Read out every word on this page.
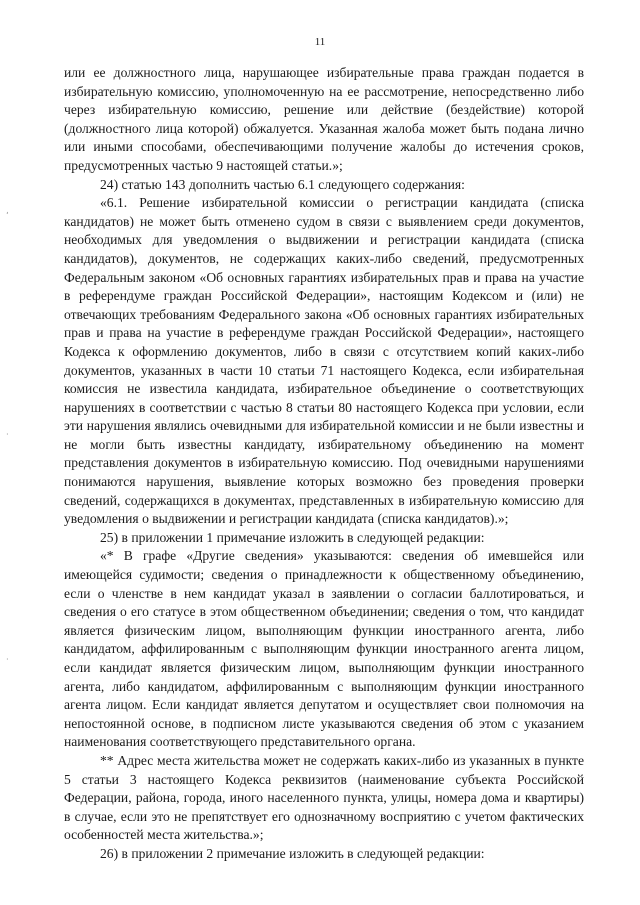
11
¸
·
·

или ее должностного лица, нарушающее избирательные права граждан подается в избирательную комиссию, уполномоченную на ее рассмотрение, непосредственно либо через избирательную комиссию, решение или действие (бездействие) которой (должностного лица которой) обжалуется. Указанная жалоба может быть подана лично или иными способами, обеспечивающими получение жалобы до истечения сроков, предусмотренных частью 9 настоящей статьи.»;

24) статью 143 дополнить частью 6.1 следующего содержания:

«6.1. Решение избирательной комиссии о регистрации кандидата (списка кандидатов) не может быть отменено судом в связи с выявлением среди документов, необходимых для уведомления о выдвижении и регистрации кандидата (списка кандидатов), документов, не содержащих каких-либо сведений, предусмотренных Федеральным законом «Об основных гарантиях избирательных прав и права на участие в референдуме граждан Российской Федерации», настоящим Кодексом и (или) не отвечающих требованиям Федерального закона «Об основных гарантиях избирательных прав и права на участие в референдуме граждан Российской Федерации», настоящего Кодекса к оформлению документов, либо в связи с отсутствием копий каких-либо документов, указанных в части 10 статьи 71 настоящего Кодекса, если избирательная комиссия не известила кандидата, избирательное объединение о соответствующих нарушениях в соответствии с частью 8 статьи 80 настоящего Кодекса при условии, если эти нарушения являлись очевидными для избирательной комиссии и не были известны и не могли быть известны кандидату, избирательному объединению на момент представления документов в избирательную комиссию. Под очевидными нарушениями понимаются нарушения, выявление которых возможно без проведения проверки сведений, содержащихся в документах, представленных в избирательную комиссию для уведомления о выдвижении и регистрации кандидата (списка кандидатов).»;

25) в приложении 1 примечание изложить в следующей редакции:

«* В графе «Другие сведения» указываются: сведения об имевшейся или имеющейся судимости; сведения о принадлежности к общественному объединению, если о членстве в нем кандидат указал в заявлении о согласии баллотироваться, и сведения о его статусе в этом общественном объединении; сведения о том, что кандидат является физическим лицом, выполняющим функции иностранного агента, либо кандидатом, аффилированным с выполняющим функции иностранного агента лицом, если кандидат является физическим лицом, выполняющим функции иностранного агента, либо кандидатом, аффилированным с выполняющим функции иностранного агента лицом. Если кандидат является депутатом и осуществляет свои полномочия на непостоянной основе, в подписном листе указываются сведения об этом с указанием наименования соответствующего представительного органа.

** Адрес места жительства может не содержать каких-либо из указанных в пункте 5 статьи 3 настоящего Кодекса реквизитов (наименование субъекта Российской Федерации, района, города, иного населенного пункта, улицы, номера дома и квартиры) в случае, если это не препятствует его однозначному восприятию с учетом фактических особенностей места жительства.»;

26) в приложении 2 примечание изложить в следующей редакции:
